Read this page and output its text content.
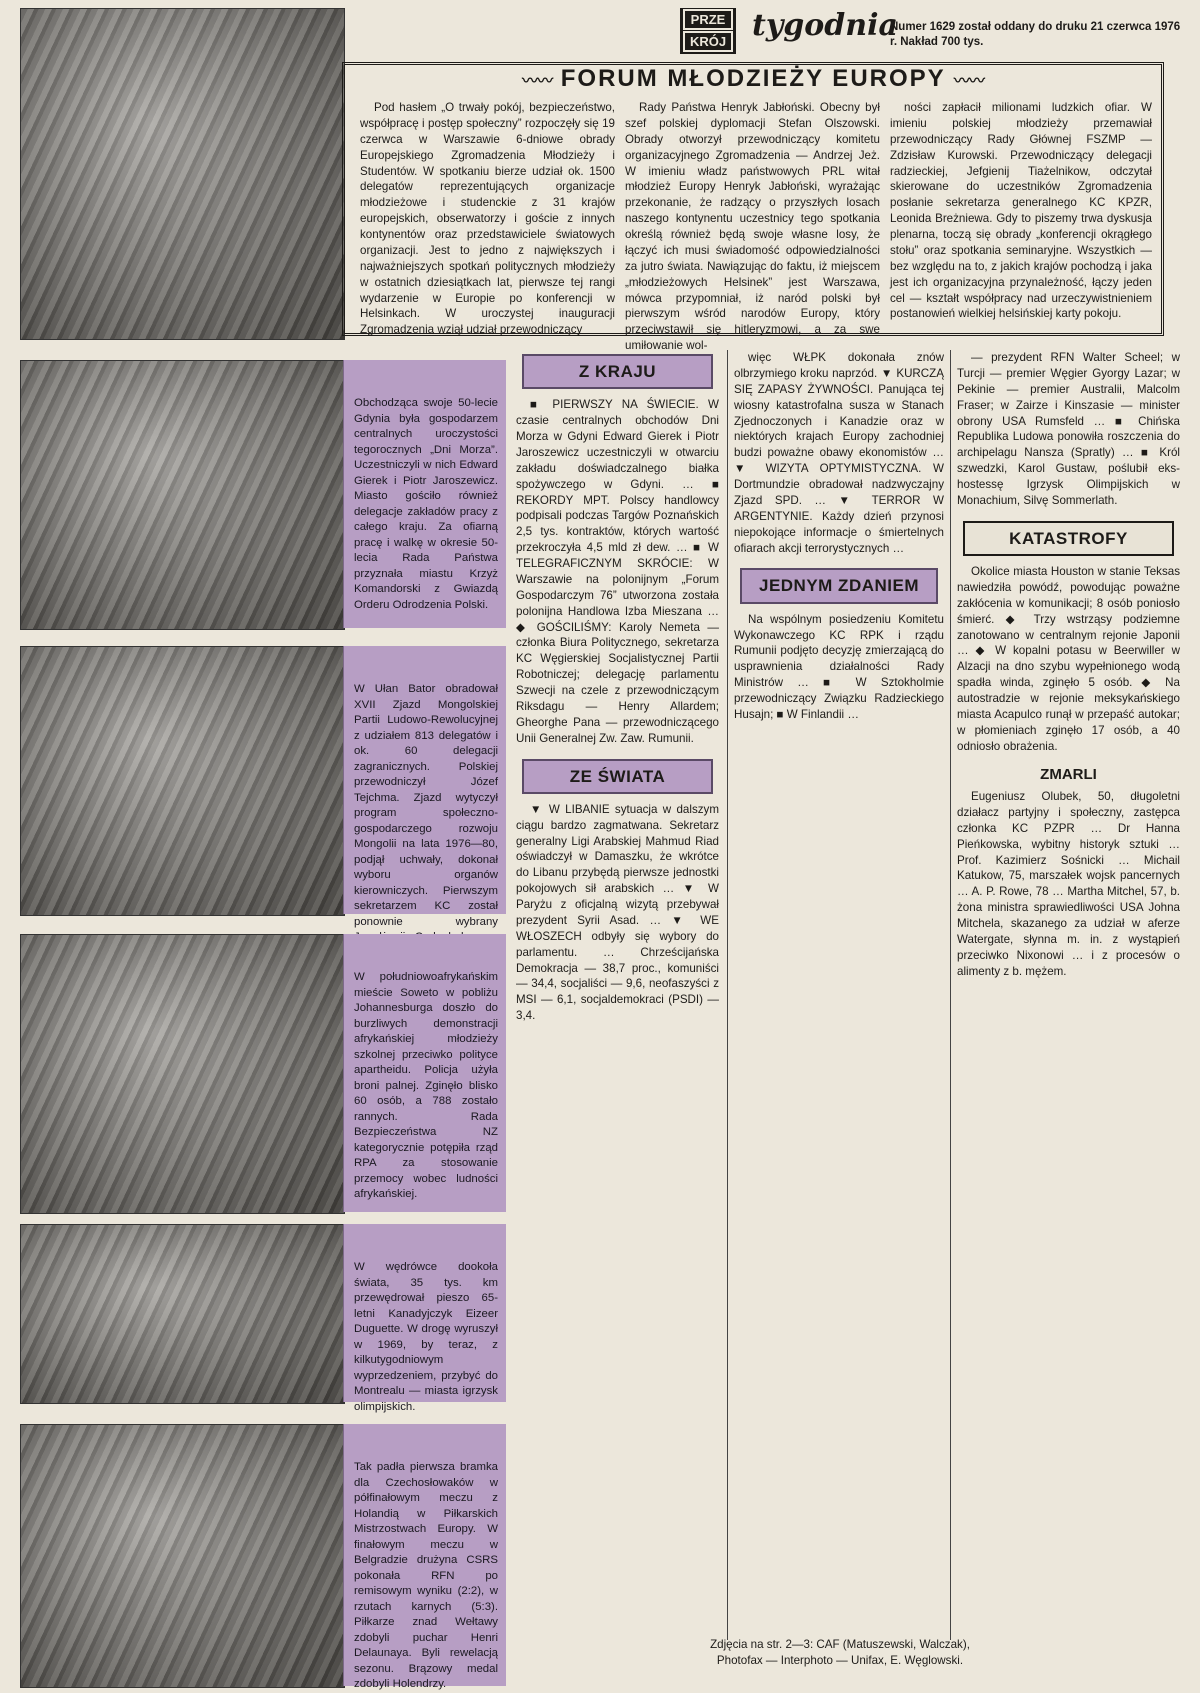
PRZE
KRÓJ tygodnia
Numer 1629 został oddany do druku 21 czerwca 1976 r. Nakład 700 tys.
〰〰 FORUM MŁODZIEŻY EUROPY 〰〰

Pod hasłem „O trwały pokój, bezpieczeństwo, współpracę i postęp społeczny” rozpoczęły się 19 czerwca w Warszawie 6-dniowe obrady Europejskiego Zgromadzenia Młodzieży i Studentów. W spotkaniu bierze udział ok. 1500 delegatów reprezentujących organizacje młodzieżowe i studenckie z 31 krajów europejskich, obserwatorzy i goście z innych kontynentów oraz przedstawiciele światowych organizacji. Jest to jedno z największych i najważniejszych spotkań politycznych młodzieży w ostatnich dziesiątkach lat, pierwsze tej rangi wydarzenie w Europie po konferencji w Helsinkach. W uroczystej inauguracji Zgromadzenia wziął udział przewodniczący

Rady Państwa Henryk Jabłoński. Obecny był szef polskiej dyplomacji Stefan Olszowski. Obrady otworzył przewodniczący komitetu organizacyjnego Zgromadzenia — Andrzej Jeż. W imieniu władz państwowych PRL witał młodzież Europy Henryk Jabłoński, wyrażając przekonanie, że radzący o przyszłych losach naszego kontynentu uczestnicy tego spotkania określą również będą swoje własne losy, że łączyć ich musi świadomość odpowiedzialności za jutro świata. Nawiązując do faktu, iż miejscem „młodzieżowych Helsinek” jest Warszawa, mówca przypomniał, iż naród polski był pierwszym wśród narodów Europy, który przeciwstawił się hitleryzmowi, a za swe umiłowanie wol-

ności zapłacił milionami ludzkich ofiar. W imieniu polskiej młodzieży przemawiał przewodniczący Rady Głównej FSZMP — Zdzisław Kurowski. Przewodniczący delegacji radzieckiej, Jefgienij Tiażelnikow, odczytał skierowane do uczestników Zgromadzenia posłanie sekretarza generalnego KC KPZR, Leonida Breżniewa. Gdy to piszemy trwa dyskusja plenarna, toczą się obrady „konferencji okrągłego stołu” oraz spotkania seminaryjne. Wszystkich — bez względu na to, z jakich krajów pochodzą i jaka jest ich organizacyjna przynależność, łączy jeden cel — kształt współpracy nad urzeczywistnieniem postanowień wielkiej helsińskiej karty pokoju.

Obchodząca swoje 50-lecie Gdynia była gospodarzem centralnych uroczystości tegorocznych „Dni Morza”. Uczestniczyli w nich Edward Gierek i Piotr Jaroszewicz. Miasto gościło również delegacje zakładów pracy z całego kraju. Za ofiarną pracę i walkę w okresie 50-lecia Rada Państwa przyznała miastu Krzyż Komandorski z Gwiazdą Orderu Odrodzenia Polski.
W Ułan Bator obradował XVII Zjazd Mongolskiej Partii Ludowo-Rewolucyjnej z udziałem 813 delegatów i ok. 60 delegacji zagranicznych. Polskiej przewodniczył Józef Tejchma. Zjazd wytyczył program społeczno-gospodarczego rozwoju Mongolii na lata 1976—80, podjął uchwały, dokonał wyboru organów kierowniczych. Pierwszym sekretarzem KC został ponownie wybrany
W południowoafrykańskim mieście Soweto w pobliżu Johannesburga doszło do burzliwych demonstracji afrykańskiej młodzieży szkolnej przeciwko polityce apartheidu. Policja użyła broni palnej. Zginęło blisko 60 osób, a 788 zostało rannych. Rada Bezpieczeństwa NZ kategorycznie potępiła rząd RPA za stosowanie przemocy wobec ludności afrykańskiej.
W wędrówce dookoła świata, 35 tys. km przewędrował pieszo 65-letni Kanadyjczyk Eizeer Duguette. W drogę wyruszył w 1969, by teraz, z kilkutygodniowym wyprzedzeniem, przybyć do Montrealu — miasta igrzysk olimpijskich.
Tak padła pierwsza bramka dla Czechosłowaków w półfinałowym meczu z Holandią w Piłkarskich Mistrzostwach Europy. W finałowym meczu w Belgradzie drużyna CSRS pokonała RFN po remisowym wyniku (2:2), w rzutach karnych (5:3). Piłkarze znad Wełtawy zdobyli puchar Henri Delaunaya. Byli rewelacją sezonu. Brązowy medal zdobyli Holendrzy.
Z KRAJU

■ PIERWSZY NA ŚWIECIE. W czasie centralnych obchodów Dni Morza w Gdyni Edward Gierek i Piotr Jaroszewicz uczestniczyli w otwarciu zakładu doświadczalnego białka spożywczego w Gdyni. … ■ REKORDY MPT. Polscy handlowcy podpisali podczas Targów Poznańskich 2,5 tys. kontraktów, których wartość przekroczyła 4,5 mld zł dew. … ■ W TELEGRAFICZNYM SKRÓCIE: W Warszawie na polonijnym „Forum Gospodarczym 76” utworzona została polonijna Handlowa Izba Mieszana … ◆ GOŚCILIŚMY: Karoly Nemeta — członka Biura Politycznego, sekretarza KC Węgierskiej Socjalistycznej Partii Robotniczej; delegację parlamentu Szwecji na czele z przewodniczącym Riksdagu — Henry Allardem; Gheorghe Pana — przewodniczącego Unii Generalnej Zw. Zaw. Rumunii.

ZE ŚWIATA

▼ W LIBANIE sytuacja w dalszym ciągu bardzo zagmatwana. Sekretarz generalny Ligi Arabskiej Mahmud Riad oświadczył w Damaszku, że wkrótce do Libanu przybędą pierwsze jednostki pokojowych sił arabskich … ▼ W Paryżu z oficjalną wizytą przebywał prezydent Syrii Asad. … ▼ WE WŁOSZECH odbyły się wybory do parlamentu. … Chrześcijańska Demokracja — 38,7 proc., komuniści — 34,4, socjaliści — 9,6, neofaszyści z MSI — 6,1, socjaldemokraci (PSDI) — 3,4.

więc WŁPK dokonała znów olbrzymiego kroku naprzód. ▼ KURCZĄ SIĘ ZAPASY ŻYWNOŚCI. Panująca tej wiosny katastrofalna susza w Stanach Zjednoczonych i Kanadzie oraz w niektórych krajach Europy zachodniej budzi poważne obawy ekonomistów … ▼ WIZYTA OPTYMISTYCZNA. W Dortmundzie obradował nadzwyczajny Zjazd SPD. … ▼ TERROR W ARGENTYNIE. Każdy dzień przynosi niepokojące informacje o śmiertelnych ofiarach akcji terrorystycznych …

JEDNYM ZDANIEM

Na wspólnym posiedzeniu Komitetu Wykonawczego KC RPK i rządu Rumunii podjęto decyzję zmierzającą do usprawnienia działalności Rady Ministrów … ■ W Sztokholmie przewodniczący Związku Radzieckiego Husajn; ■ W Finlandii …

— prezydent RFN Walter Scheel; w Turcji — premier Węgier Gyorgy Lazar; w Pekinie — premier Australii, Malcolm Fraser; w Zairze i Kinszasie — minister obrony USA Rumsfeld … ■ Chińska Republika Ludowa ponowiła roszczenia do archipelagu Nansza (Spratly) … ■ Król szwedzki, Karol Gustaw, poślubił eks-hostessę Igrzysk Olimpijskich w Monachium, Silvę Sommerlath.

KATASTROFY

Okolice miasta Houston w stanie Teksas nawiedziła powódź, powodując poważne zakłócenia w komunikacji; 8 osób poniosło śmierć. ◆ Trzy wstrząsy podziemne zanotowano w centralnym rejonie Japonii … ◆ W kopalni potasu w Beerwiller w Alzacji na dno szybu wypełnionego wodą spadła winda, zginęło 5 osób. ◆ Na autostradzie w rejonie meksykańskiego miasta Acapulco runął w przepaść autokar; w płomieniach zginęło 17 osób, a 40 odniosło obrażenia.

ZMARLI

Eugeniusz Olubek, 50, długoletni działacz partyjny i społeczny, zastępca członka KC PZPR … Dr Hanna Pieńkowska, wybitny historyk sztuki … Prof. Kazimierz Sośnicki … Michail Katukow, 75, marszałek wojsk pancernych … A. P. Rowe, 78 … Martha Mitchel, 57, b. żona ministra sprawiedliwości USA Johna Mitchela, skazanego za udział w aferze Watergate, słynna m. in. z wystąpień przeciwko Nixonowi … i z procesów o alimenty z b. mężem.

Zdjęcia na str. 2—3: CAF (Matuszewski, Walczak),
Photofax — Interphoto — Unifax, E. Węglowski.
